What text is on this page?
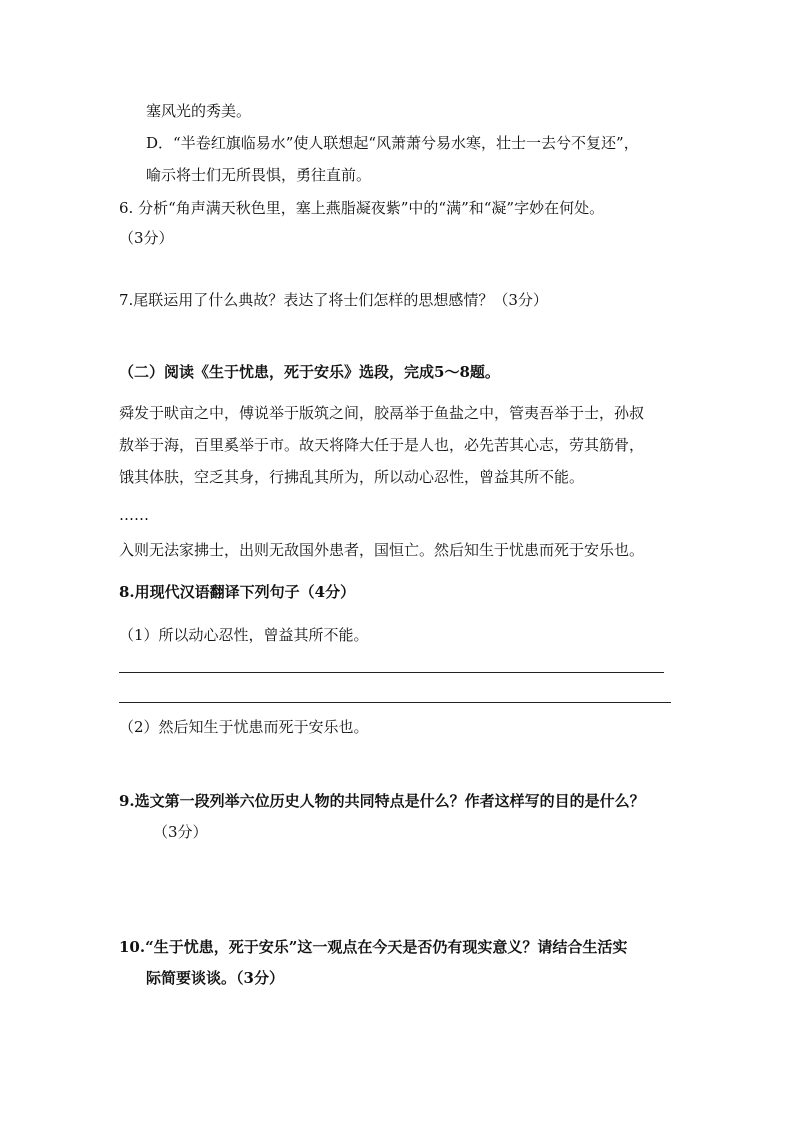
塞风光的秀美。
D．“半卷红旗临易水”使人联想起“风萧萧兮易水寒，壮士一去兮不复还”，
喻示将士们无所畏惧，勇往直前。
6. 分析“角声满天秋色里，塞上燕脂凝夜紫”中的“满”和“凝”字妙在何处。
（3分）
7.尾联运用了什么典故？表达了将士们怎样的思想感情？（3分）
（二）阅读《生于忧患，死于安乐》选段，完成5～8题。
舜发于畎亩之中，傅说举于版筑之间，胶鬲举于鱼盐之中，管夷吾举于士，孙叔
敖举于海，百里奚举于市。故天将降大任于是人也，必先苦其心志，劳其筋骨，
饿其体肤，空乏其身，行拂乱其所为，所以动心忍性，曾益其所不能。
……
入则无法家拂士，出则无敌国外患者，国恒亡。然后知生于忧患而死于安乐也。
8.用现代汉语翻译下列句子（4分）
（1）所以动心忍性，曾益其所不能。
（2）然后知生于忧患而死于安乐也。
9.选文第一段列举六位历史人物的共同特点是什么？作者这样写的目的是什么？
（3分）
10.“生于忧患，死于安乐”这一观点在今天是否仍有现实意义？请结合生活实
际简要谈谈。（3分）
